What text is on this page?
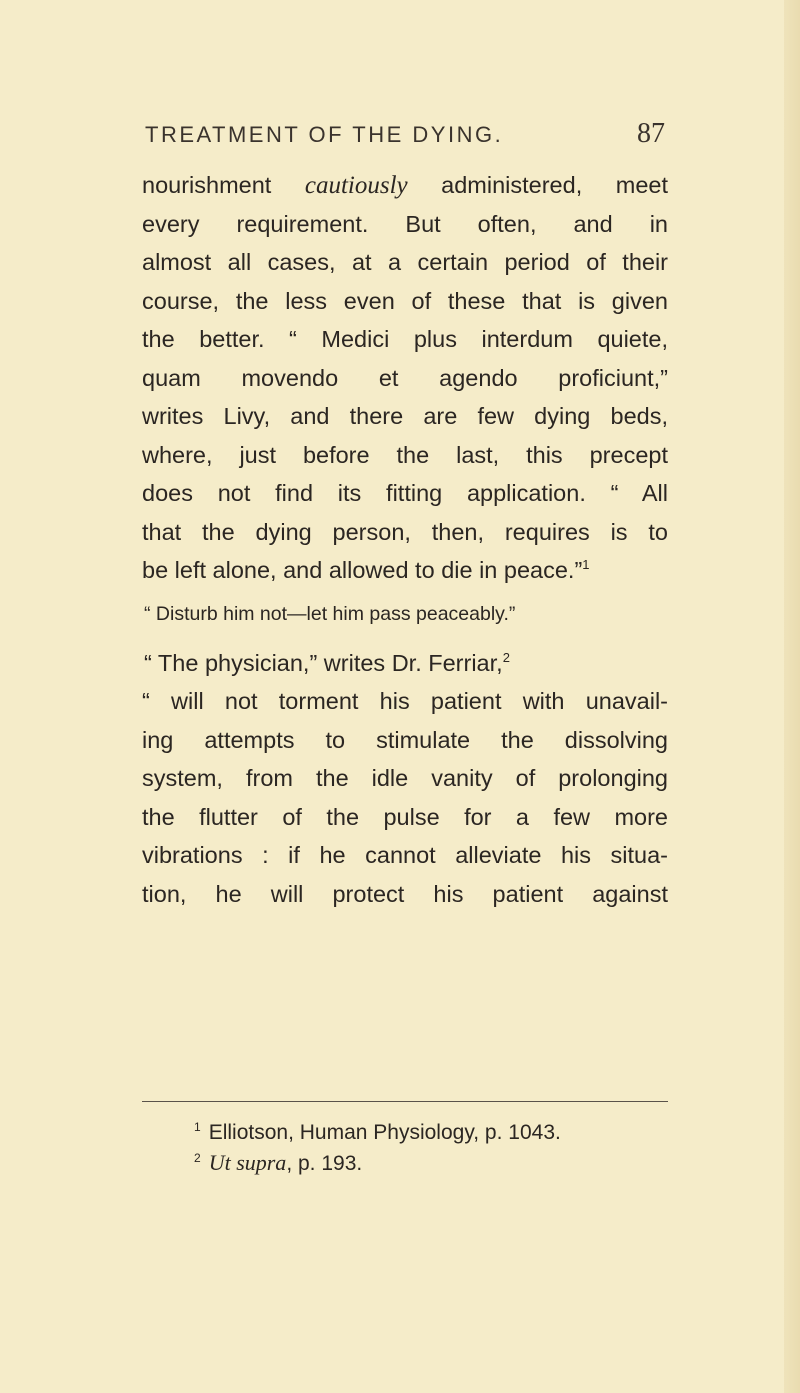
TREATMENT OF THE DYING.	87
nourishment cautiously administered, meet
every requirement. But often, and in
almost all cases, at a certain period of their
course, the less even of these that is given
the better. “ Medici plus interdum quiete,
quam movendo et agendo proficiunt,”
writes Livy, and there are few dying beds,
where, just before the last, this precept
does not find its fitting application. “ All
that the dying person, then, requires is to
be left alone, and allowed to die in peace.”$^1$
“ Disturb him not—let him pass peaceably.”
“ The physician,” writes Dr. Ferriar,$^2$
“ will not torment his patient with unavail-
ing attempts to stimulate the dissolving
system, from the idle vanity of prolonging
the flutter of the pulse for a few more
vibrations : if he cannot alleviate his situa-
tion, he will protect his patient against
$^1$ Elliotson, Human Physiology, p. 1043.
$^2$ Ut supra, p. 193.
